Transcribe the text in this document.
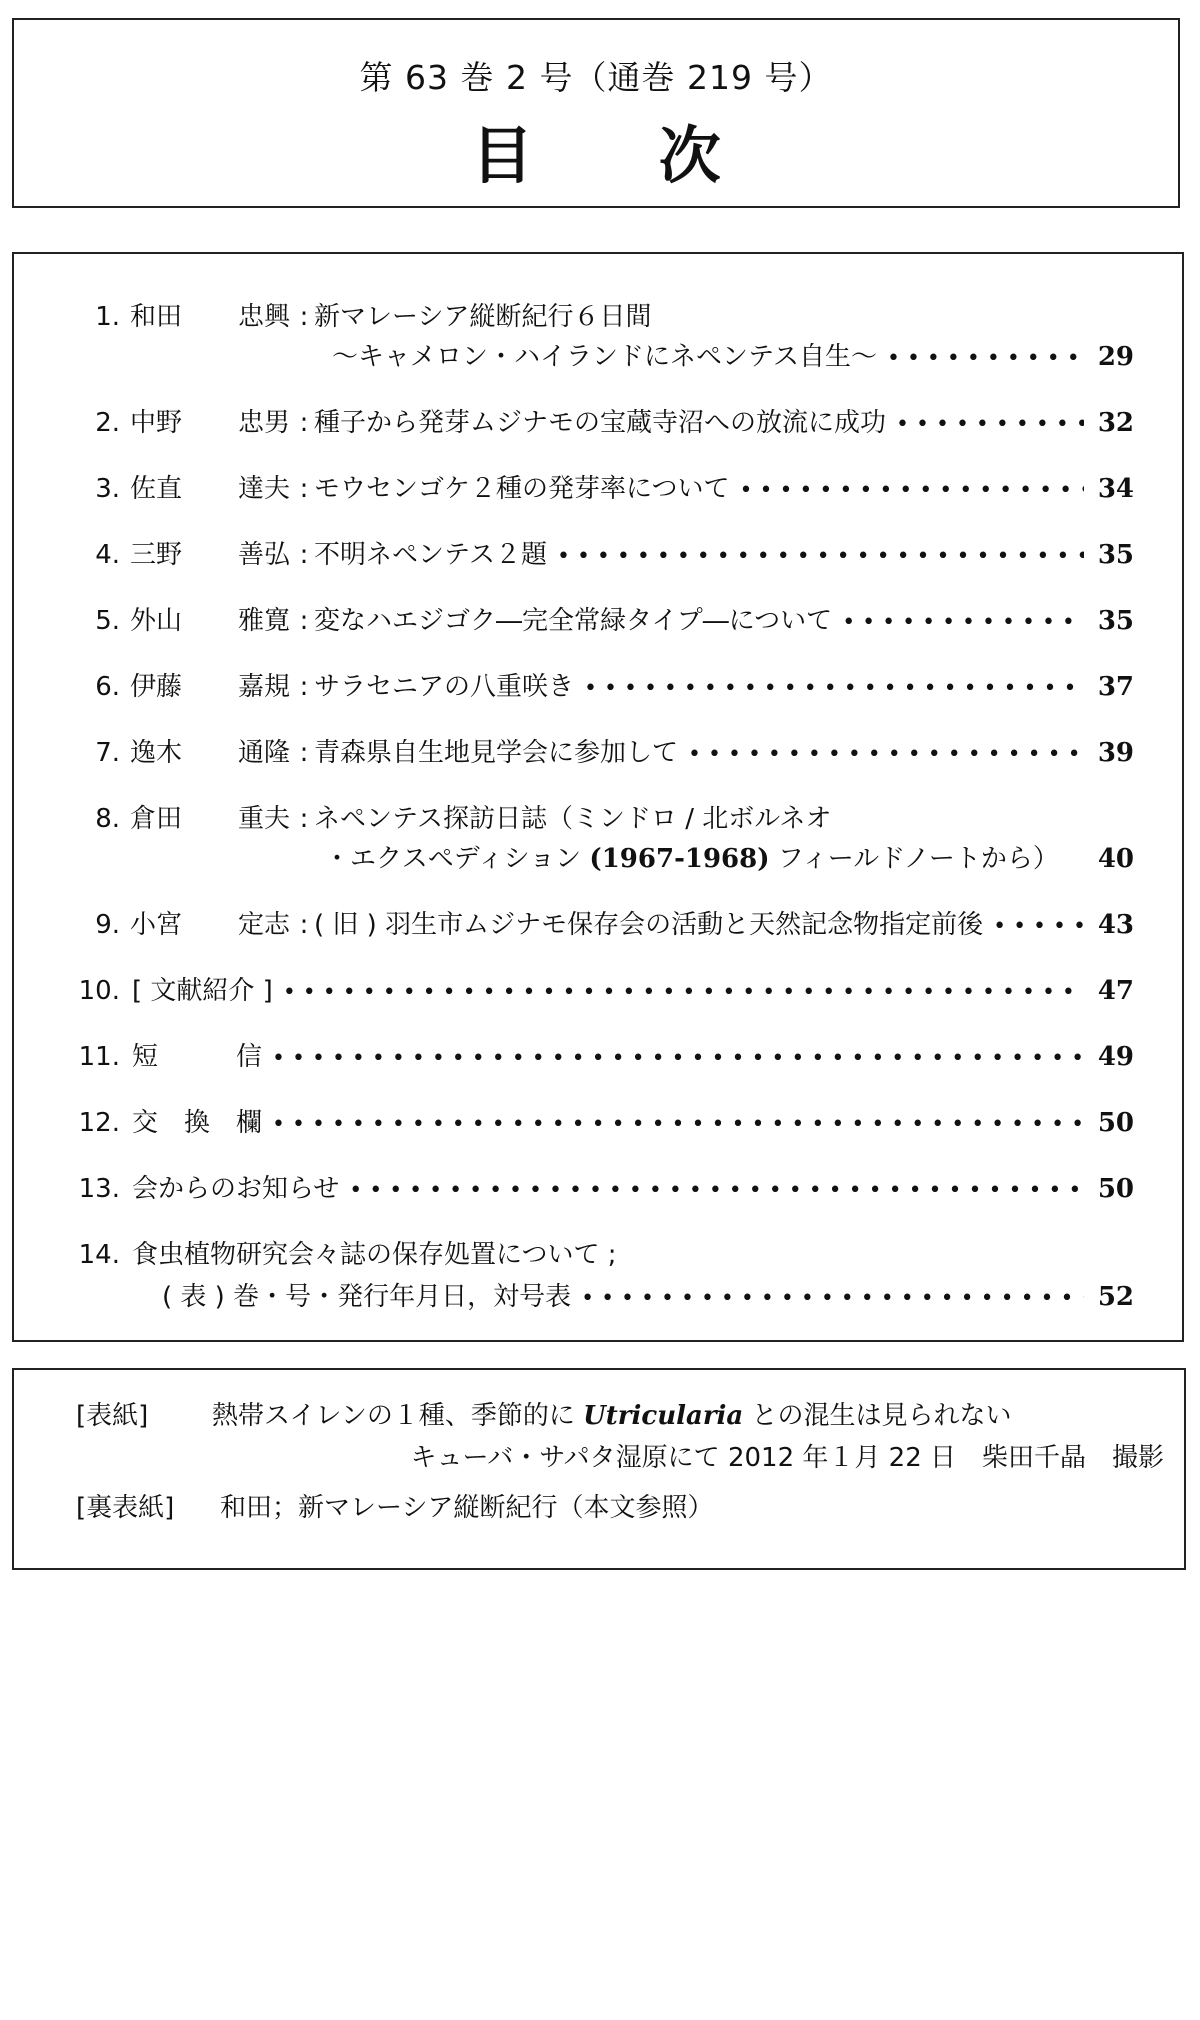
第 63 巻 2 号（通巻 219 号）
目 次
1. 和田 忠興 : 新マレーシア縦断紀行６日間
～キャメロン・ハイランドにネペンテス自生～ •••••	29
2. 中野 忠男 : 種子から発芽ムジナモの宝蔵寺沼への放流に成功 •••••	32
3. 佐直 達夫 : モウセンゴケ２種の発芽率について •••••	34
4. 三野 善弘 : 不明ネペンテス２題 •••••	35
5. 外山 雅寛 : 変なハエジゴク―完全常緑タイプ―について •••••	35
6. 伊藤 嘉規 : サラセニアの八重咲き •••••	37
7. 逸木 通隆 : 青森県自生地見学会に参加して •••••	39
8. 倉田 重夫 : ネペンテス探訪日誌（ミンドロ / 北ボルネオ
・エクスペディション (1967-1968) フィールドノートから）	40
9. 小宮 定志 : ( 旧 ) 羽生市ムジナモ保存会の活動と天然記念物指定前後 •••••	43
10. [ 文献紹介 ] •••••	47
11. 短　　　信 •••••	49
12. 交　換　欄 •••••	50
13. 会からのお知らせ •••••	50
14. 食虫植物研究会々誌の保存処置について ;
( 表 ) 巻・号・発行年月日，対号表 •••••	52
[表紙] 熱帯スイレンの１種、季節的に Utricularia との混生は見られない
キューバ・サパタ湿原にて 2012 年１月 22 日　柴田千晶　撮影
[裏表紙] 和田；新マレーシア縦断紀行（本文参照）
